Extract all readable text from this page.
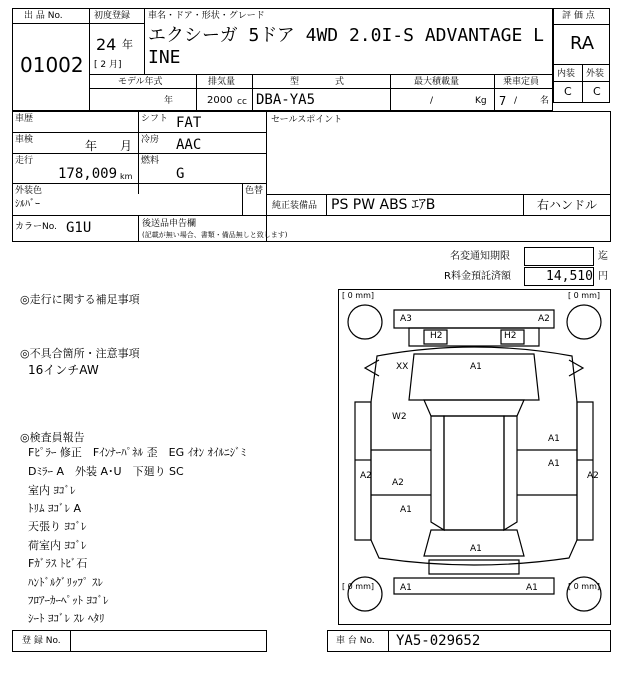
出 品 No.
01002
初度登録
24 年
[ 2 月]
車名・ドア・形状・グレード
エクシーガ 5ドア 4WD 2.0I-S ADVANTAGE L
INE
評 価 点
RA
内装 外装
C C
モデル年式
年
排気量
2000 cc
型　　　　式
DBA-YA5
最大積載量
/	Kg
乗車定員
7 /	名
車歴	シフト FAT
車検	年 月 冷房 AAC
走行
178,009 km
燃料
G
セールスポイント
外装色
ｼﾙﾊﾞｰ
色替
純正装備品 PS PW ABS ｴｱB	右ハンドル
カラーNo. G1U	後送品申告欄
(記載が無い場合、書類・備品無しと致します)
名変通知期限	迄
R料金預託済額	14,510 円
◎走行に関する補足事項
◎不具合箇所・注意事項
16インチAW
◎検査員報告
Fﾋﾟﾗｰ 修正　Fｲﾝﾅｰﾊﾟﾈﾙ 歪　EG ｲｵﾝ ｵｲﾙﾆｼﾞﾐ
Dﾐﾗｰ A　外装 A･U　下廻り SC
室内 ﾖｺﾞﾚ
ﾄﾘﾑ ﾖｺﾞﾚ A
天張り ﾖｺﾞﾚ
荷室内 ﾖｺﾞﾚ
Fｶﾞﾗｽ ﾄﾋﾞ石
ﾊﾝﾄﾞﾙｸﾞﾘｯﾌﾟ ｽﾚ
ﾌﾛｱｰｶｰﾍﾟｯﾄ ﾖｺﾞﾚ
ｼｰﾄ ﾖｺﾞﾚ ｽﾚ ﾍﾀﾘ
[ 0 mm]	[ 0 mm]
[ 0 mm]	[ 0 mm]
A3	A2
H2	H2
XX	A1
W2
A1
A1
A2
A2
A2
A1
A1
A1	A1
登 録 No.	車 台 No. YA5-029652
